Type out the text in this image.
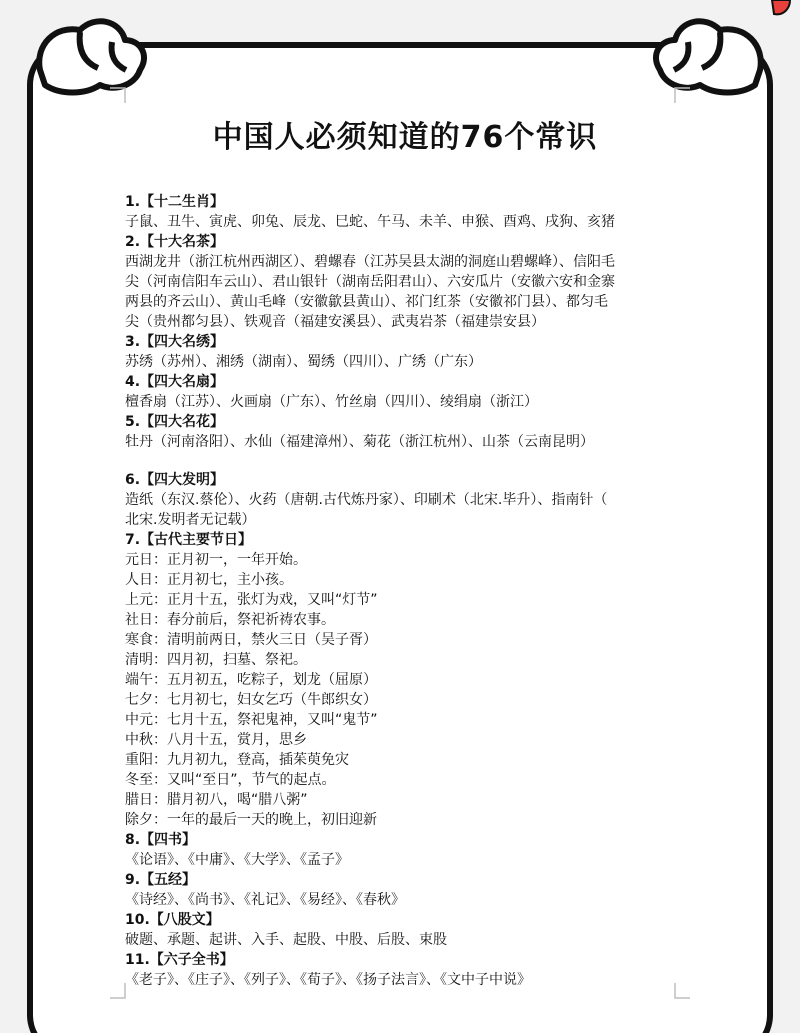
中国人必须知道的76个常识
1.【十二生肖】
子鼠、丑牛、寅虎、卯兔、辰龙、巳蛇、午马、未羊、申猴、酉鸡、戌狗、亥猪
2.【十大名茶】
西湖龙井（浙江杭州西湖区）、碧螺春（江苏吴县太湖的洞庭山碧螺峰）、信阳毛
尖（河南信阳车云山）、君山银针（湖南岳阳君山）、六安瓜片（安徽六安和金寨
两县的齐云山）、黄山毛峰（安徽歙县黄山）、祁门红茶（安徽祁门县）、都匀毛
尖（贵州都匀县）、铁观音（福建安溪县）、武夷岩茶（福建崇安县）
3.【四大名绣】
苏绣（苏州）、湘绣（湖南）、蜀绣（四川）、广绣（广东）
4.【四大名扇】
檀香扇（江苏）、火画扇（广东）、竹丝扇（四川）、绫绢扇（浙江）
5.【四大名花】
牡丹（河南洛阳）、水仙（福建漳州）、菊花（浙江杭州）、山茶（云南昆明）
6.【四大发明】
造纸（东汉.蔡伦）、火药（唐朝.古代炼丹家）、印刷术（北宋.毕升）、指南针（
北宋.发明者无记载）
7.【古代主要节日】
元日：正月初一，一年开始。
人日：正月初七，主小孩。
上元：正月十五，张灯为戏，又叫“灯节”
社日：春分前后，祭祀祈祷农事。
寒食：清明前两日，禁火三日（吴子胥）
清明：四月初，扫墓、祭祀。
端午：五月初五，吃粽子，划龙（屈原）
七夕：七月初七，妇女乞巧（牛郎织女）
中元：七月十五，祭祀鬼神，又叫“鬼节”
中秋：八月十五，赏月，思乡
重阳：九月初九，登高，插茱萸免灾
冬至：又叫“至日”，节气的起点。
腊日：腊月初八，喝“腊八粥”
除夕：一年的最后一天的晚上，初旧迎新
8.【四书】
《论语》、《中庸》、《大学》、《孟子》
9.【五经】
《诗经》、《尚书》、《礼记》、《易经》、《春秋》
10.【八股文】
破题、承题、起讲、入手、起股、中股、后股、束股
11.【六子全书】
《老子》、《庄子》、《列子》、《荀子》、《扬子法言》、《文中子中说》
